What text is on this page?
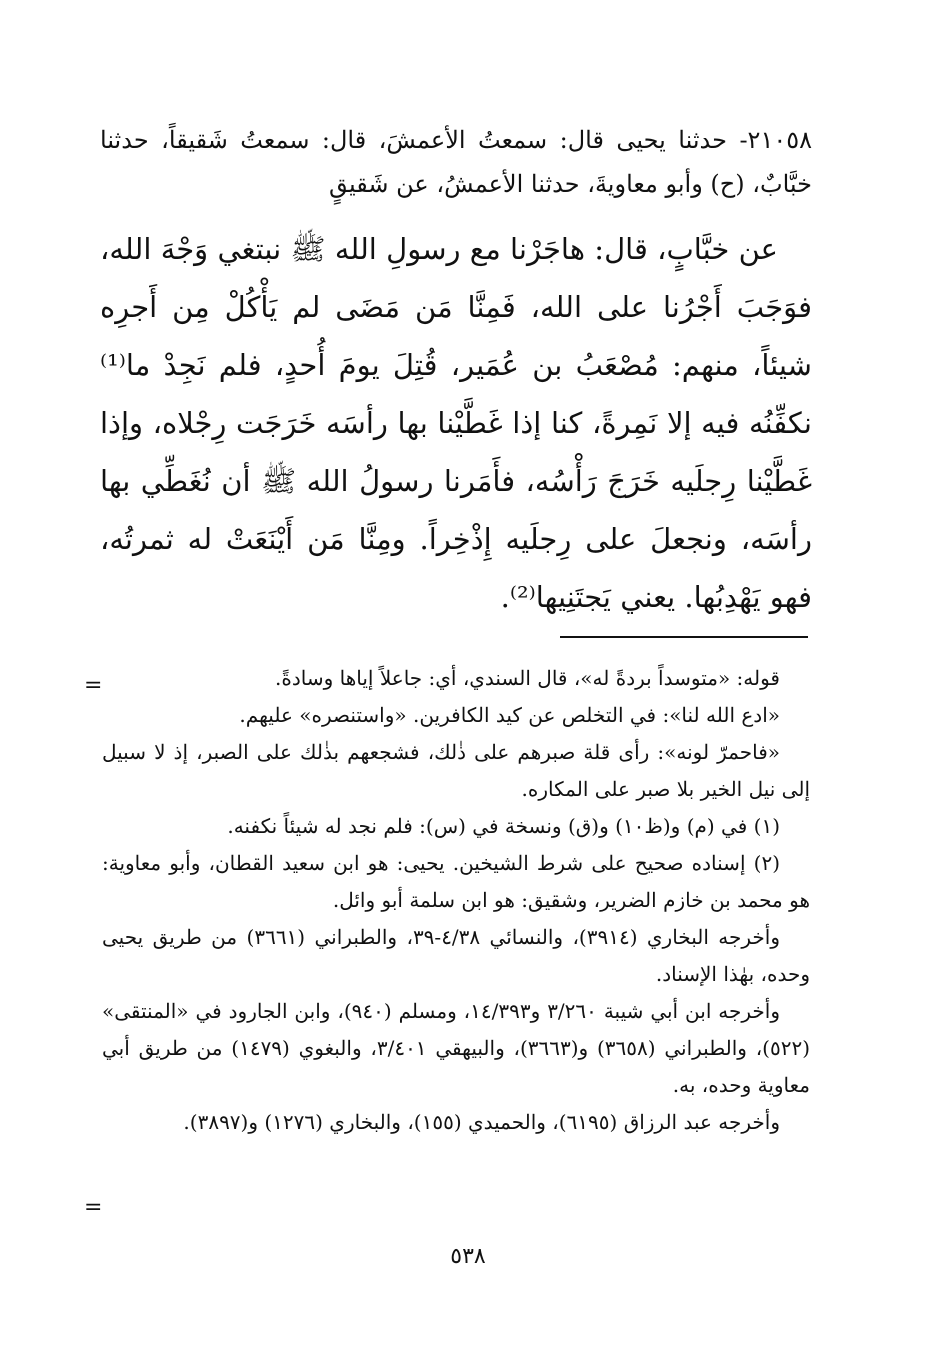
٢١٠٥٨- حدثنا يحيى قال: سمعتُ الأعمشَ، قال: سمعتُ شَقيقاً، حدثنا خبَّابٌ، (ح) وأبو معاويةَ، حدثنا الأعمشُ، عن شَقيقٍ

عن خبَّابٍ، قال: هاجَرْنا مع رسولِ الله ﷺ نبتغي وَجْهَ الله، فوَجَبَ أَجْرُنا على الله، فَمِنَّا مَن مَضَى لم يَأْكُلْ مِن أَجرِه شيئاً، منهم: مُصْعَبُ بن عُمَير، قُتِلَ يومَ أُحدٍ، فلم نَجِدْ ما⁽¹⁾ نكفِّنُه فيه إلا نَمِرةً، كنا إذا غَطَّيْنا بها رأسَه خَرَجَت رِجْلاه، وإذا غَطَّيْنا رِجلَيه خَرَجَ رَأْسُه، فأَمَرنا رسولُ الله ﷺ أن نُغَطِّي بها رأسَه، ونجعلَ على رِجلَيه إِذْخِراً. ومِنَّا مَن أَيْنَعَتْ له ثمرتُه، فهو يَهْدِبُها. يعني يَجتَنِيها⁽²⁾.

=	قوله: «متوسداً بردةً له»، قال السندي، أي: جاعلاً إياها وسادةً.

«ادع الله لنا»: في التخلص عن كيد الكافرين. «واستنصره» عليهم.

«فاحمرّ لونه»: رأى قلة صبرهم على ذٰلك، فشجعهم بذٰلك على الصبر، إذ لا سبيل إلى نيل الخير بلا صبر على المكاره.

(١) في (م) و(ظ١٠) و(ق) ونسخة في (س): فلم نجد له شيئاً نكفنه.

(٢) إسناده صحيح على شرط الشيخين. يحيى: هو ابن سعيد القطان، وأبو معاوية: هو محمد بن خازم الضرير، وشقيق: هو ابن سلمة أبو وائل.

وأخرجه البخاري (٣٩١٤)، والنسائي ٤/٣٨-٣٩، والطبراني (٣٦٦١) من طريق يحيى وحده، بهٰذا الإسناد.

وأخرجه ابن أبي شيبة ٣/٢٦٠ و١٤/٣٩٣، ومسلم (٩٤٠)، وابن الجارود في «المنتقى» (٥٢٢)، والطبراني (٣٦٥٨) و(٣٦٦٣)، والبيهقي ٣/٤٠١، والبغوي (١٤٧٩) من طريق أبي معاوية وحده، به.

وأخرجه عبد الرزاق (٦١٩٥)، والحميدي (١٥٥)، والبخاري (١٢٧٦) و(٣٨٩٧).

=
٥٣٨
